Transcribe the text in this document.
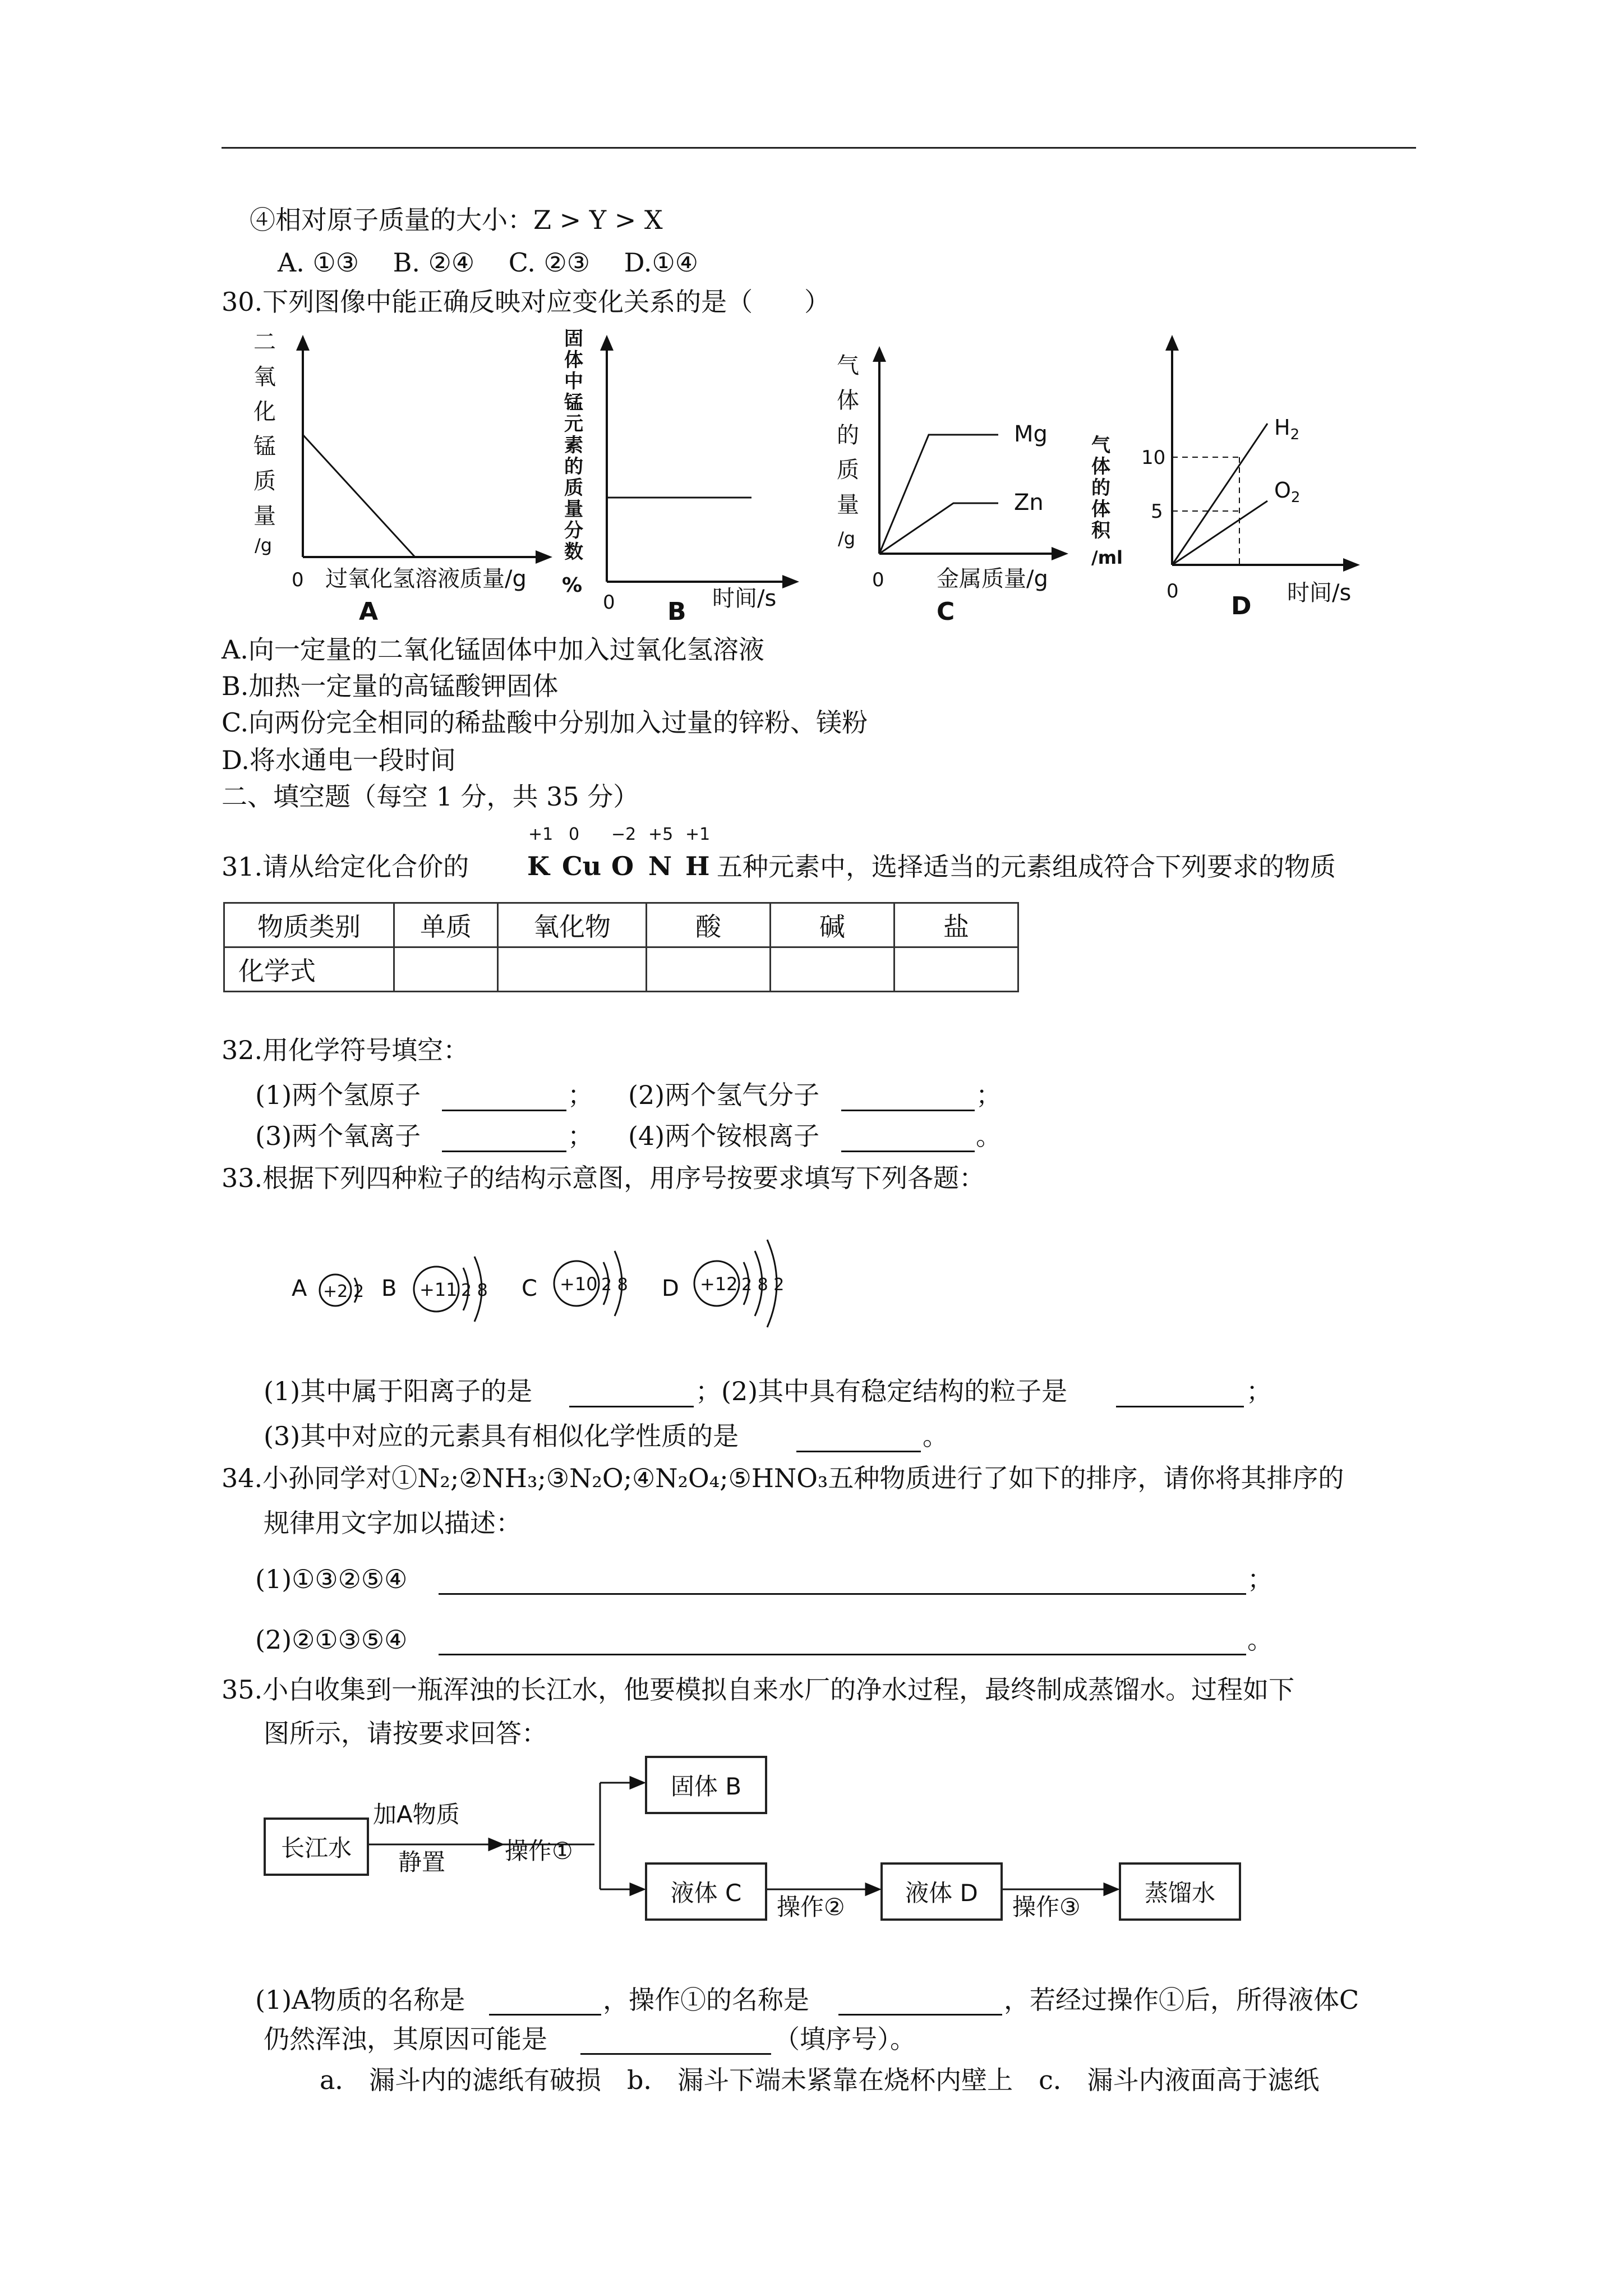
④相对原子质量的大小：Z > Y > X
A. ①③　 B. ②④　 C. ②③　 D.①④
30.下列图像中能正确反映对应变化关系的是（　　）
二
氧
化
锰
质
量
/g
0 过氧化氢溶液质量/g
A
固
体
中
锰
元
素
的
质
量
分
数
%
0	时间/s
B
气
体
的
质
量
/g
Mg
Zn
0 金属质量/g
C
气
体
的
体
积
/ml
10
5
$H_2$
$O_2$
0	时间/s
D
A.向一定量的二氧化锰固体中加入过氧化氢溶液
B.加热一定量的高锰酸钾固体
C.向两份完全相同的稀盐酸中分别加入过量的锌粉、镁粉
D.将水通电一段时间
二、填空题（每空 1 分，共 35 分）
31.请从给定化合价的
+1 0 −2 +5 +1
K Cu O N H 五种元素中，选择适当的元素组成符合下列要求的物质
物质类别	单质	氧化物	酸	碱	盐
化学式					
32.用化学符号填空：
(1)两个氢原子	； (2)两个氢气分子	；
(3)两个氧离子	； (4)两个铵根离子	。
33.根据下列四种粒子的结构示意图，用序号按要求填写下列各题：
A +2 2 B +11 2 8 C +10 2 8 D +12 2 8 2
(1)其中属于阳离子的是	；(2)其中具有稳定结构的粒子是	；
(3)其中对应的元素具有相似化学性质的是	。
34.小孙同学对①N₂;②NH₃;③N₂O;④N₂O₄;⑤HNO₃五种物质进行了如下的排序，请你将其排序的
规律用文字加以描述：
(1)①③②⑤④	；
(2)②①③⑤④	。
35.小白收集到一瓶浑浊的长江水，他要模拟自来水厂的净水过程，最终制成蒸馏水。过程如下
图所示，请按要求回答：
长江水
固体 B
液体 C	液体 D	蒸馏水
加A物质
静置	操作①
操作②	操作③
(1)A物质的名称是	，操作①的名称是	，若经过操作①后，所得液体C
仍然浑浊，其原因可能是	（填序号）。
a． 漏斗内的滤纸有破损　b． 漏斗下端未紧靠在烧杯内壁上　c． 漏斗内液面高于滤纸
